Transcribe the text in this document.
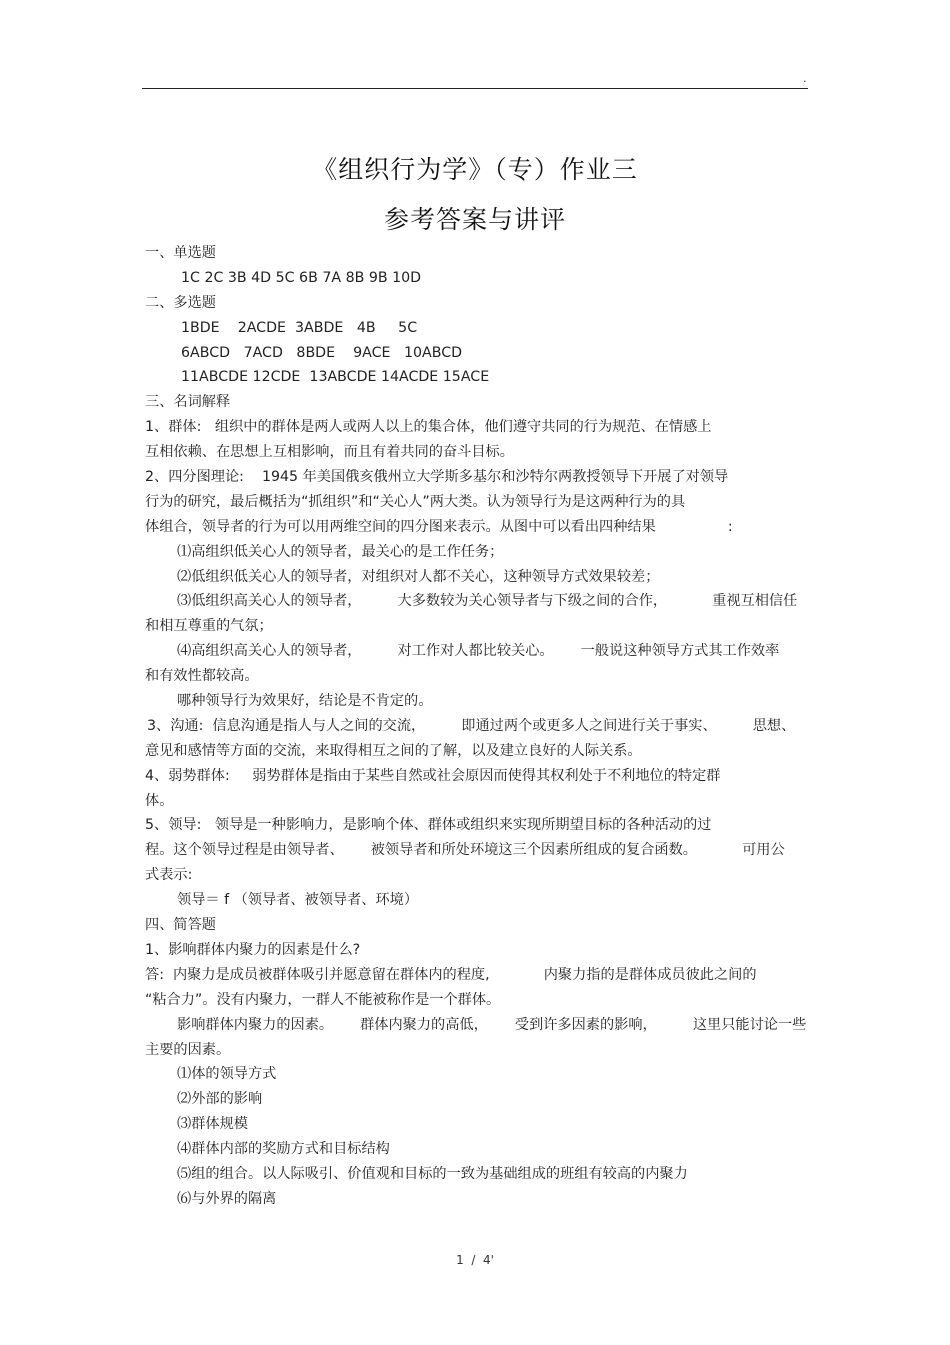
.
《组织行为学》（专）作业三
参考答案与讲评
一、单选题
1C 2C 3B 4D 5C 6B 7A 8B 9B 10D
二、多选题
1BDE    2ACDE  3ABDE   4B     5C
6ABCD   7ACD   8BDE    9ACE   10ABCD
11ABCDE 12CDE  13ABCDE 14ACDE 15ACE
三、名词解释
1、群体:   组织中的群体是两人或两人以上的集合体，他们遵守共同的行为规范、在情感上
互相依赖、在思想上互相影响，而且有着共同的奋斗目标。
2、四分图理论:    1945 年美国俄亥俄州立大学斯多基尔和沙特尔两教授领导下开展了对领导
行为的研究，最后概括为“抓组织”和“关心人”两大类。认为领导行为是这两种行为的具
体组合，领导者的行为可以用两维空间的四分图来表示。从图中可以看出四种结果                :
⑴高组织低关心人的领导者，最关心的是工作任务；
⑵低组织低关心人的领导者，对组织对人都不关心，这种领导方式效果较差；
⑶低组织高关心人的领导者，        大多数较为关心领导者与下级之间的合作，          重视互相信任
和相互尊重的气氛；
⑷高组织高关心人的领导者，        对工作对人都比较关心。      一般说这种领导方式其工作效率
和有效性都较高。
哪种领导行为效果好，结论是不肯定的。
3、沟通:  信息沟通是指人与人之间的交流，        即通过两个或更多人之间进行关于事实、        思想、
意见和感情等方面的交流，来取得相互之间的了解，以及建立良好的人际关系。
4、弱势群体:     弱势群体是指由于某些自然或社会原因而使得其权利处于不利地位的特定群
体。
5、领导:   领导是一种影响力，是影响个体、群体或组织来实现所期望目标的各种活动的过
程。这个领导过程是由领导者、      被领导者和所处环境这三个因素所组成的复合函数。          可用公
式表示:
领导＝ f （领导者、被领导者、环境）
四、简答题
1、影响群体内聚力的因素是什么?
答:  内聚力是成员被群体吸引并愿意留在群体内的程度,            内聚力指的是群体成员彼此之间的
“粘合力”。没有内聚力，一群人不能被称作是一个群体。
影响群体内聚力的因素。      群体内聚力的高低，      受到许多因素的影响，        这里只能讨论一些
主要的因素。
⑴体的领导方式
⑵外部的影响
⑶群体规模
⑷群体内部的奖励方式和目标结构
⑸组的组合。以人际吸引、价值观和目标的一致为基础组成的班组有较高的内聚力
⑹与外界的隔离
1  /  4'
